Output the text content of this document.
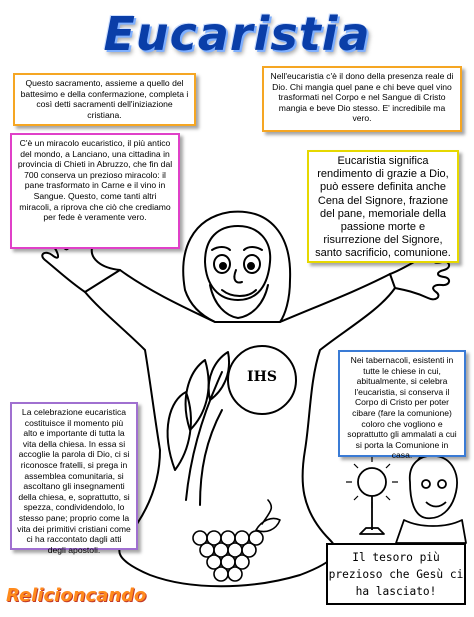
Eucaristia
Questo sacramento, assieme a quello del battesimo e della confermazione, completa i così detti sacramenti dell'iniziazione cristiana.
Nell'eucaristia c'è il dono della presenza reale di Dio. Chi mangia quel pane e chi beve quel vino trasformati nel Corpo e nel Sangue di Cristo mangia e beve Dio stesso. E' incredibile ma vero.
C'è un miracolo eucaristico, il più antico del mondo, a Lanciano, una cittadina in provincia di Chieti in Abruzzo, che fin dal 700 conserva un prezioso miracolo: il pane trasformato in Carne e il vino in Sangue. Questo, come tanti altri miracoli, a riprova che ciò che crediamo per fede è veramente vero.
Eucaristia significa rendimento di grazie a Dio, può essere definita anche Cena del Signore, frazione del pane, memoriale della passione morte e risurrezione del Signore, santo sacrificio, comunione.
Nei tabernacoli, esistenti in tutte le chiese in cui, abitualmente, si celebra l'eucaristia, si conserva il Corpo di Cristo per poter cibare (fare la comunione) coloro che vogliono e soprattutto gli ammalati a cui si porta la Comunione in casa.
La celebrazione eucaristica costituisce il momento più alto e importante di tutta la vita della chiesa. In essa si accoglie la parola di Dio, ci si riconosce fratelli, si prega in assemblea comunitaria, si ascoltano gli insegnamenti della chiesa, e, soprattutto, si spezza, condividendolo, lo stesso pane; proprio come la vita dei primitivi cristiani come ci ha raccontato dagli atti degli apostoli.
IHS
Il tesoro più prezioso che Gesù ci ha lasciato!
Relicioncando
